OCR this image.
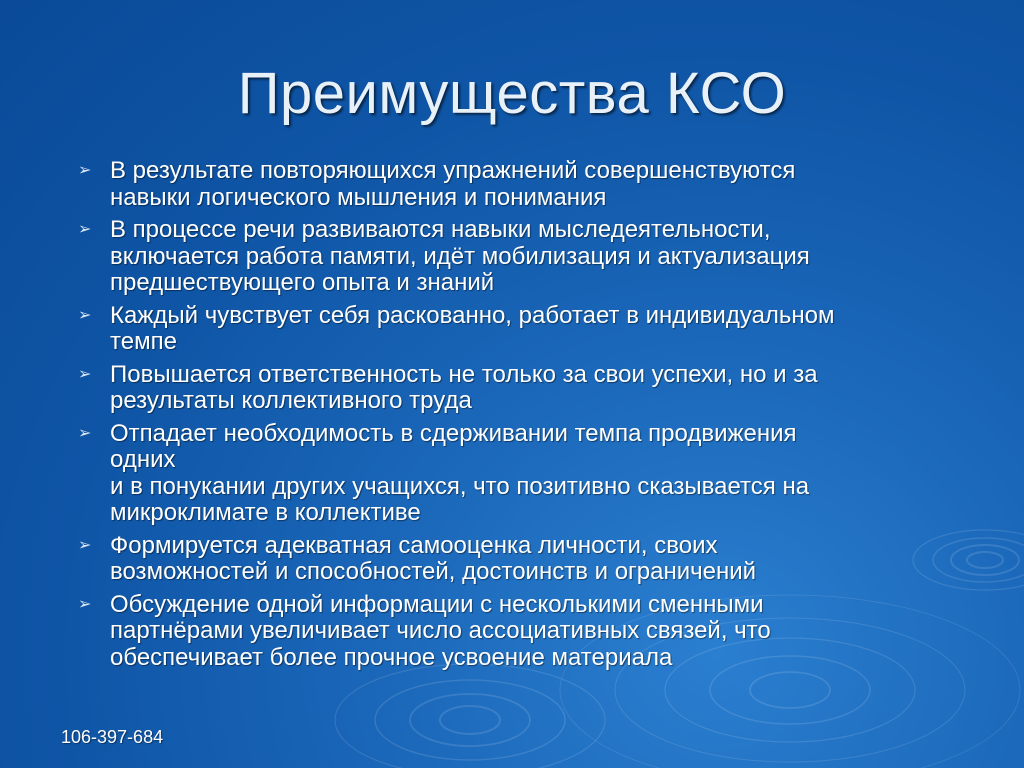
Преимущества КСО
➢ В результате повторяющихся упражнений совершенствуются
навыки логического мышления и понимания
➢ В процессе речи развиваются навыки мыследеятельности,
включается работа памяти, идёт мобилизация и актуализация
предшествующего опыта и знаний
➢ Каждый чувствует себя раскованно, работает в индивидуальном
темпе
➢ Повышается ответственность не только за свои успехи, но и за
результаты коллективного труда
➢ Отпадает необходимость в сдерживании темпа продвижения
одних
и в понукании других учащихся, что позитивно сказывается на
микроклимате в коллективе
➢ Формируется адекватная самооценка личности, своих
возможностей и способностей, достоинств и ограничений
➢ Обсуждение одной информации с несколькими сменными
партнёрами увеличивает число ассоциативных связей, что
обеспечивает более прочное усвоение материала
106-397-684
